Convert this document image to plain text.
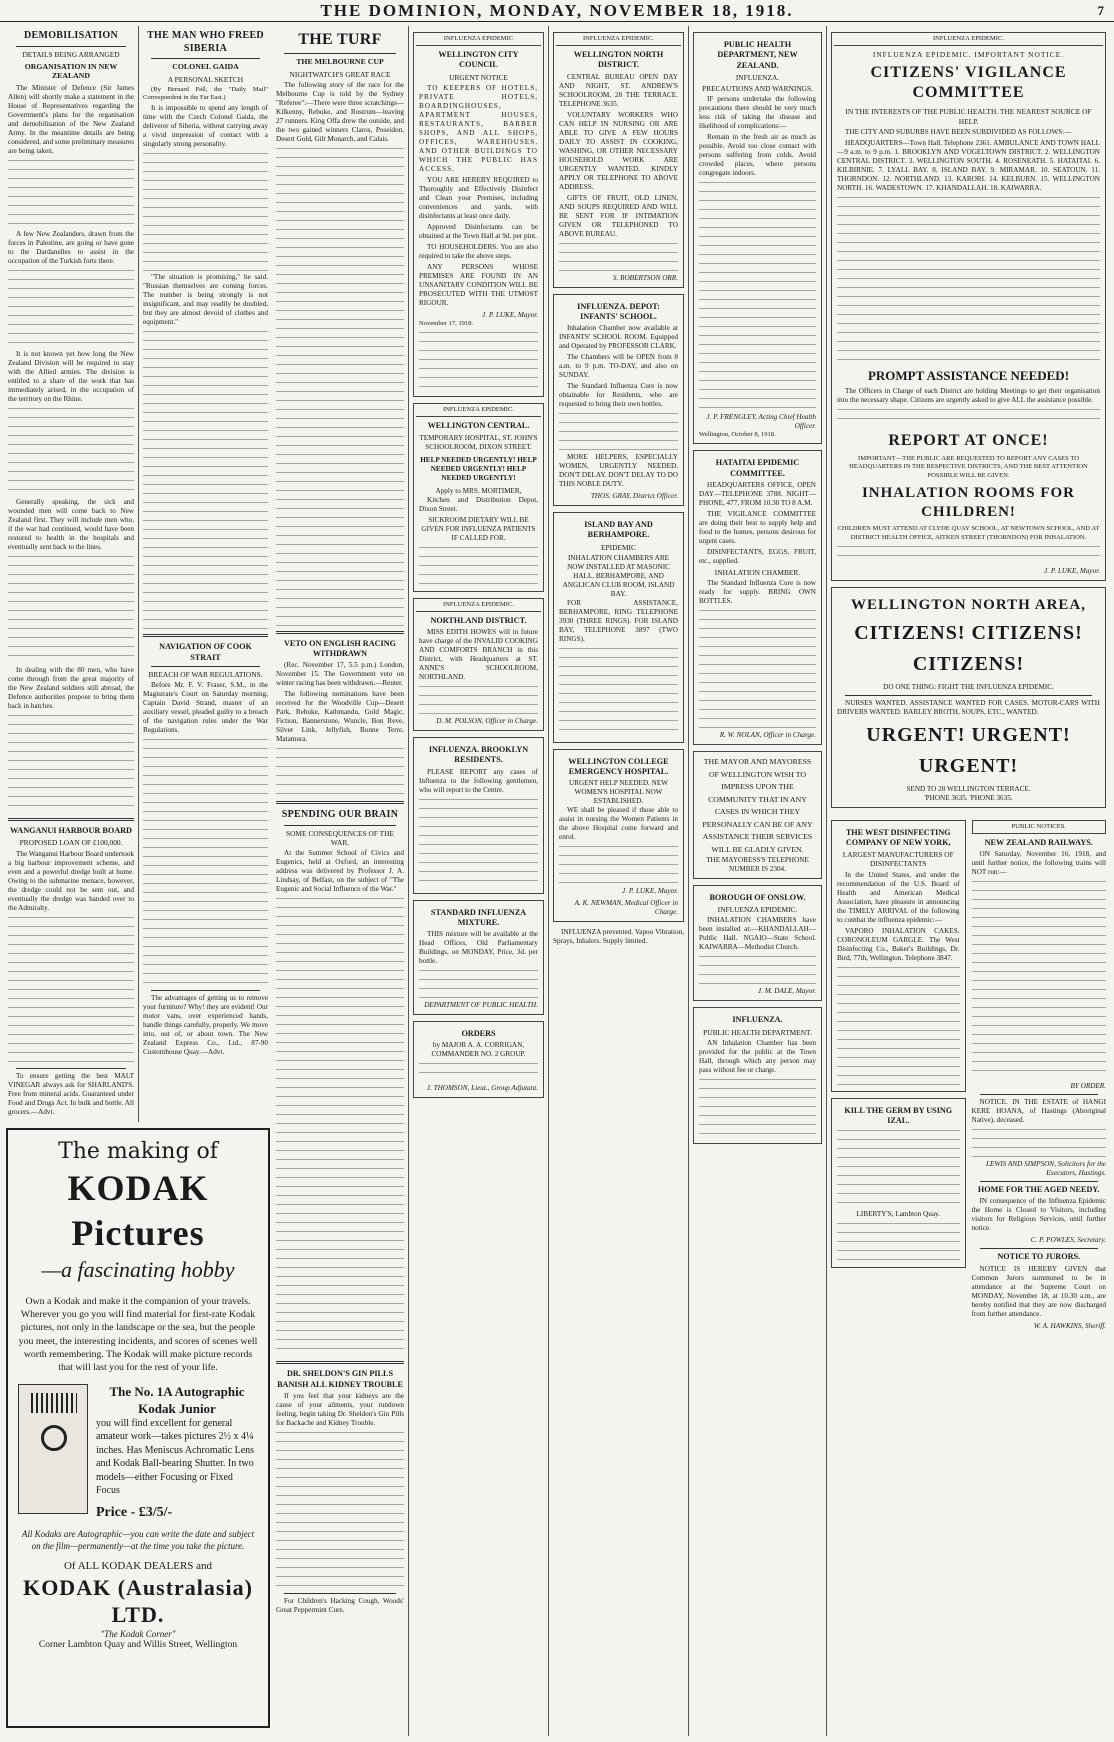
THE DOMINION, MONDAY, NOVEMBER 18, 1918.	7
DEMOBILISATION
DETAILS BEING ARRANGED
ORGANISATION IN NEW ZEALAND

The Minister of Defence (Sir James Allen) will shortly make a statement in the House of Representatives regarding the Government's plans for the organisation and demobilisation of the New Zealand Army. In the meantime details are being considered, and some preliminary measures are being taken.

A few New Zealanders, drawn from the forces in Palestine, are going or have gone to the Dardanelles to assist in the occupation of the Turkish forts there.

It is not known yet how long the New Zealand Division will be required to stay with the Allied armies. The division is entitled to a share of the work that has immediately arised, in the occupation of the territory on the Rhine.

Generally speaking, the sick and wounded men will come back to New Zealand first. They will include men who, if the war had continued, would have been restored to health in the hospitals and eventually sent back to the lines.

In dealing with the 80 men, who have come through from the great majority of the New Zealand soldiers still abroad, the Defence authorities propose to bring them back in batches.

WANGANUI HARBOUR BOARD
PROPOSED LOAN OF £100,000.

The Wanganui Harbour Board undertook a big harbour improvement scheme, and even and a powerful dredge built at home. Owing to the submarine menace, however, the dredge could not be sent out, and eventually the dredge was handed over to the Admiralty.

To ensure getting the best MALT VINEGAR always ask for SHARLAND'S. Free from mineral acids. Guaranteed under Food and Drugs Act. In bulk and bottle. All grocers.—Advt.

THE MAN WHO FREED SIBERIA
COLONEL GAIDA
A PERSONAL SKETCH

(By Bernard Pall, the "Daily Mail" Correspondent in the Far East.)

It is impossible to spend any length of time with the Czech Colonel Gaida, the deliverer of Siberia, without carrying away a vivid impression of contact with a singularly strong personality.

"The situation is promising," he said. "Russian themselves are coming forces. The number is being strongly is not insignificant, and may readily be doubled, but they are almost devoid of clothes and equipment."

NAVIGATION OF COOK STRAIT
BREACH OF WAR REGULATIONS.

Before Mr. F. V. Fraser, S.M., in the Magistrate's Court on Saturday morning, Captain David Strand, master of an auxiliary vessel, pleaded guilty to a breach of the navigation rules under the War Regulations.

The advantages of getting us to remove your furniture? Why! they are evident! Our motor vans, over experienced hands, handle things carefully, properly. We move into, out of, or about town. The New Zealand Express Co., Ltd., 87-90 Customhouse Quay.—Advt.

The making of
KODAK Pictures
—a fascinating hobby
Own a Kodak and make it the companion of your travels. Wherever you go you will find material for first-rate Kodak pictures, not only in the landscape or the sea, but the people you meet, the interesting incidents, and scores of scenes well worth remembering. The Kodak will make picture records that will last you for the rest of your life.
The No. 1A Autographic Kodak Junior
you will find excellent for general amateur work—takes pictures 2½ x 4¼ inches. Has Meniscus Achromatic Lens and Kodak Ball-bearing Shutter. In two models—either Focusing or Fixed Focus
Price - £3/5/-
All Kodaks are Autographic—you can write the date and subject on the film—permanently—at the time you take the picture.
Of ALL KODAK DEALERS and
KODAK (Australasia) LTD.
"The Kodak Corner"
Corner Lambton Quay and Willis Street, Wellington
THE TURF
THE MELBOURNE CUP
NIGHTWATCH'S GREAT RACE

The following story of the race for the Melbourne Cup is told by the Sydney "Referee":—There were three scratchings—Kilkenny, Rebuke, and Rostrum—leaving 27 runners. King Offa drew the outside, and the two gained winners Claros, Poseidon, Desert Gold, Gilt Monarch, and Calais.

VETO ON ENGLISH RACING WITHDRAWN

(Rec. November 17, 5.5 p.m.) London, November 15. The Government veto on winter racing has been withdrawn.—Reuter.

The following nominations have been received for the Woodville Cup—Desert Park, Rebuke, Kathmandu, Gold Magic, Fiction, Bannerstone, Wuncle, Bon Reve, Silver Link, Jellyfish, Bonne Terre, Matamura.

SPENDING OUR BRAIN
SOME CONSEQUENCES OF THE WAR.

At the Summer School of Civics and Eugenics, held at Oxford, an interesting address was delivered by Professor J. A. Lindsay, of Belfast, on the subject of "The Eugenic and Social Influence of the War."

DR. SHELDON'S GIN PILLS BANISH ALL KIDNEY TROUBLE

If you feel that your kidneys are the cause of your ailments, your rundown feeling, begin taking Dr. Sheldon's Gin Pills for Backache and Kidney Trouble.

For Children's Hacking Cough, Woods' Great Peppermint Cure.

INFLUENZA EPIDEMIC
WELLINGTON CITY COUNCIL
URGENT NOTICE

TO KEEPERS OF HOTELS, PRIVATE HOTELS, BOARDINGHOUSES, APARTMENT HOUSES, RESTAURANTS, BARBER SHOPS, AND ALL SHOPS, OFFICES, WAREHOUSES, AND OTHER BUILDINGS TO WHICH THE PUBLIC HAS ACCESS.

YOU ARE HEREBY REQUIRED to Thoroughly and Effectively Disinfect and Clean your Premises, including conveniences and yards, with disinfectants at least once daily.

Approved Disinfectants can be obtained at the Town Hall at 9d. per pint.

TO HOUSEHOLDERS. You are also required to take the above steps.

ANY PERSONS WHOSE PREMISES ARE FOUND IN AN UNSANITARY CONDITION WILL BE PROSECUTED WITH THE UTMOST RIGOUR.

J. P. LUKE, Mayor.
November 17, 1918.
INFLUENZA EPIDEMIC.
WELLINGTON CENTRAL.

TEMPORARY HOSPITAL, ST. JOHN'S SCHOOLROOM, DIXON STREET.

HELP NEEDED URGENTLY! HELP NEEDED URGENTLY! HELP NEEDED URGENTLY!

Apply to MRS. MORTIMER,

Kitchen and Distribution Depot, Dixon Street.

SICKROOM DIETARY WILL BE GIVEN FOR INFLUENZA PATIENTS IF CALLED FOR.

INFLUENZA EPIDEMIC.
NORTHLAND DISTRICT.

MISS EDITH HOWES will in future have charge of the INVALID COOKING AND COMFORTS BRANCH in this District, with Headquarters at ST. ANNE'S SCHOOLROOM, NORTHLAND.

D. M. POLSON, Officer in Charge.
INFLUENZA. BROOKLYN RESIDENTS.

PLEASE REPORT any cases of Influenza to the following gentlemen, who will report to the Centre.

STANDARD INFLUENZA MIXTURE.

THIS mixture will be available at the Head Offices, Old Parliamentary Buildings, on MONDAY, Price, 3d. per bottle.

DEPARTMENT OF PUBLIC HEALTH.
ORDERS

by MAJOR A. A. CORRIGAN, COMMANDER NO. 2 GROUP.

J. THOMSON, Lieut., Group Adjutant.
INFLUENZA EPIDEMIC.
WELLINGTON NORTH DISTRICT.

CENTRAL BUREAU OPEN DAY AND NIGHT, ST. ANDREW'S SCHOOLROOM, 28 THE TERRACE. TELEPHONE 3635.

VOLUNTARY WORKERS WHO CAN HELP IN NURSING OR ARE ABLE TO GIVE A FEW HOURS DAILY TO ASSIST IN COOKING, WASHING, OR OTHER NECESSARY HOUSEHOLD WORK ARE URGENTLY WANTED. KINDLY APPLY OR TELEPHONE TO ABOVE ADDRESS.

GIFTS OF FRUIT, OLD LINEN, AND SOUPS REQUIRED AND WILL BE SENT FOR IF INTIMATION GIVEN OR TELEPHONED TO ABOVE BUREAU.

S. ROBERTSON ORR.
INFLUENZA. DEPOT: INFANTS' SCHOOL.

Inhalation Chamber now available at INFANTS' SCHOOL ROOM. Equipped and Operated by PROFESSOR CLARK.

The Chambers will be OPEN from 8 a.m. to 9 p.m. TO-DAY, and also on SUNDAY.

The Standard Influenza Cure is now obtainable for Residents, who are requested to bring their own bottles.

MORE HELPERS, ESPECIALLY WOMEN, URGENTLY NEEDED. DON'T DELAY. DON'T DELAY TO DO THIS NOBLE DUTY.

THOS. GRAY, District Officer.
ISLAND BAY AND BERHAMPORE.
EPIDEMIC

INHALATION CHAMBERS ARE NOW INSTALLED AT MASONIC HALL, BERHAMPORE, AND ANGLICAN CLUB ROOM, ISLAND BAY.

FOR ASSISTANCE, BERHAMPORE, RING TELEPHONE 3930 (THREE RINGS). FOR ISLAND BAY, TELEPHONE 3897 (TWO RINGS).

WELLINGTON COLLEGE EMERGENCY HOSPITAL.

URGENT HELP NEEDED. NEW WOMEN'S HOSPITAL NOW ESTABLISHED.

WE shall be pleased if those able to assist in nursing the Women Patients in the above Hospital come forward and enrol.

J. P. LUKE, Mayor.
A. K. NEWMAN, Medical Officer in Charge.

INFLUENZA prevented. Vapoo Vibration, Sprays, Inhalers. Supply limited.

PUBLIC HEALTH DEPARTMENT, NEW ZEALAND.
INFLUENZA.
PRECAUTIONS AND WARNINGS.

IF persons undertake the following precautions there should be very much less risk of taking the disease and likelihood of complications:—

Remain in the fresh air as much as possible. Avoid too close contact with persons suffering from colds. Avoid crowded places, where persons congregate indoors.

J. P. FRENGLEY, Acting Chief Health Officer.
Wellington, October 8, 1918.
HATAITAI EPIDEMIC COMMITTEE.

HEADQUARTERS OFFICE, OPEN DAY—TELEPHONE 3788. NIGHT—PHONE, 477, FROM 10.30 TO 8 A.M.

THE VIGILANCE COMMITTEE are doing their best to supply help and food to the homes, persons desirous for urgent cases.

DISINFECTANTS, EGGS, FRUIT, etc., supplied.

INHALATION CHAMBER.

The Standard Influenza Cure is now ready for supply. BRING OWN BOTTLES.

R. W. NOLAN, Officer in Charge.

THE MAYOR AND MAYORESS OF WELLINGTON WISH TO IMPRESS UPON THE COMMUNITY THAT IN ANY CASES IN WHICH THEY PERSONALLY CAN BE OF ANY ASSISTANCE THEIR SERVICES WILL BE GLADLY GIVEN.

THE MAYORESS'S TELEPHONE NUMBER IS 2304.

BOROUGH OF ONSLOW.
INFLUENZA EPIDEMIC.

INHALATION CHAMBERS have been installed at:—KHANDALLAH—Public Hall. NGAIO—State School. KAIWARRA—Methodist Church.

J. M. DALE, Mayor.
INFLUENZA.
PUBLIC HEALTH DEPARTMENT.

AN Inhalation Chamber has been provided for the public at the Town Hall, through which any person may pass without fee or charge.

INFLUENZA EPIDEMIC.
INFLUENZA EPIDEMIC. IMPORTANT NOTICE.
CITIZENS' VIGILANCE COMMITTEE
IN THE INTERESTS OF THE PUBLIC HEALTH. THE NEAREST SOURCE OF HELP.

THE CITY AND SUBURBS HAVE BEEN SUBDIVIDED AS FOLLOWS:—

HEADQUARTERS—Town Hall. Telephone 2361. AMBULANCE AND TOWN HALL—9 a.m. to 9 p.m. 1. BROOKLYN AND VOGELTOWN DISTRICT. 2. WELLINGTON CENTRAL DISTRICT. 3. WELLINGTON SOUTH. 4. ROSENEATH. 5. HATAITAI. 6. KILBIRNIE. 7. LYALL BAY. 8. ISLAND BAY. 9. MIRAMAR. 10. SEATOUN. 11. THORNDON. 12. NORTHLAND. 13. KARORI. 14. KELBURN. 15. WELLINGTON NORTH. 16. WADESTOWN. 17. KHANDALLAH. 18. KAIWARRA.

PROMPT ASSISTANCE NEEDED!

The Officers in Charge of each District are holding Meetings to get their organisation into the necessary shape. Citizens are urgently asked to give ALL the assistance possible.

REPORT AT ONCE!

IMPORTANT—THE PUBLIC ARE REQUESTED TO REPORT ANY CASES TO HEADQUARTERS IN THE RESPECTIVE DISTRICTS, AND THE BEST ATTENTION POSSIBLE WILL BE GIVEN.

INHALATION ROOMS FOR CHILDREN!

CHILDREN MUST ATTEND AT CLYDE QUAY SCHOOL, AT NEWTOWN SCHOOL, AND AT DISTRICT HEALTH OFFICE, AITKEN STREET (THORNDON) FOR INHALATION.

J. P. LUKE, Mayor.
WELLINGTON NORTH AREA,
CITIZENS! CITIZENS!
CITIZENS!

DO ONE THING: FIGHT THE INFLUENZA EPIDEMIC.

NURSES WANTED. ASSISTANCE WANTED FOR CASES. MOTOR-CARS WITH DRIVERS WANTED. BARLEY BROTH, SOUPS, ETC., WANTED.

URGENT! URGENT!
URGENT!

SEND TO 28 WELLINGTON TERRACE.

'PHONE 3635. 'PHONE 3635.

THE WEST DISINFECTING COMPANY OF NEW YORK,
LARGEST MANUFACTURERS OF DISINFECTANTS

In the United States, and under the recommendation of the U.S. Board of Health and American Medical Association, have pleasure in announcing the TIMELY ARRIVAL of the following to combat the influenza epidemic:—

VAPORO INHALATION CAKES. CORONOLEUM GARGLE. The West Disinfecting Co., Baker's Buildings, Dr. Bird, 77th, Wellington. Telephone 3847.

KILL THE GERM BY USING IZAL.

LIBERTY'S, Lambton Quay.

PUBLIC NOTICES.
NEW ZEALAND RAILWAYS.

ON Saturday, November 16, 1918, and until further notice, the following trains will NOT run:—

BY ORDER.

NOTICE. IN THE ESTATE of HANGI KERE HOANA, of Hastings (Aboriginal Native), deceased.

LEWIS AND SIMPSON, Solicitors for the Executors, Hastings.
HOME FOR THE AGED NEEDY.

IN consequence of the Influenza Epidemic the Home is Closed to Visitors, including visitors for Religious Services, until further notice.

C. P. POWLES, Secretary.
NOTICE TO JURORS.

NOTICE IS HEREBY GIVEN that Common Jurors summoned to be in attendance at the Supreme Court on MONDAY, November 18, at 10.30 a.m., are hereby notified that they are now discharged from further attendance.

W. A. HAWKINS, Sheriff.
